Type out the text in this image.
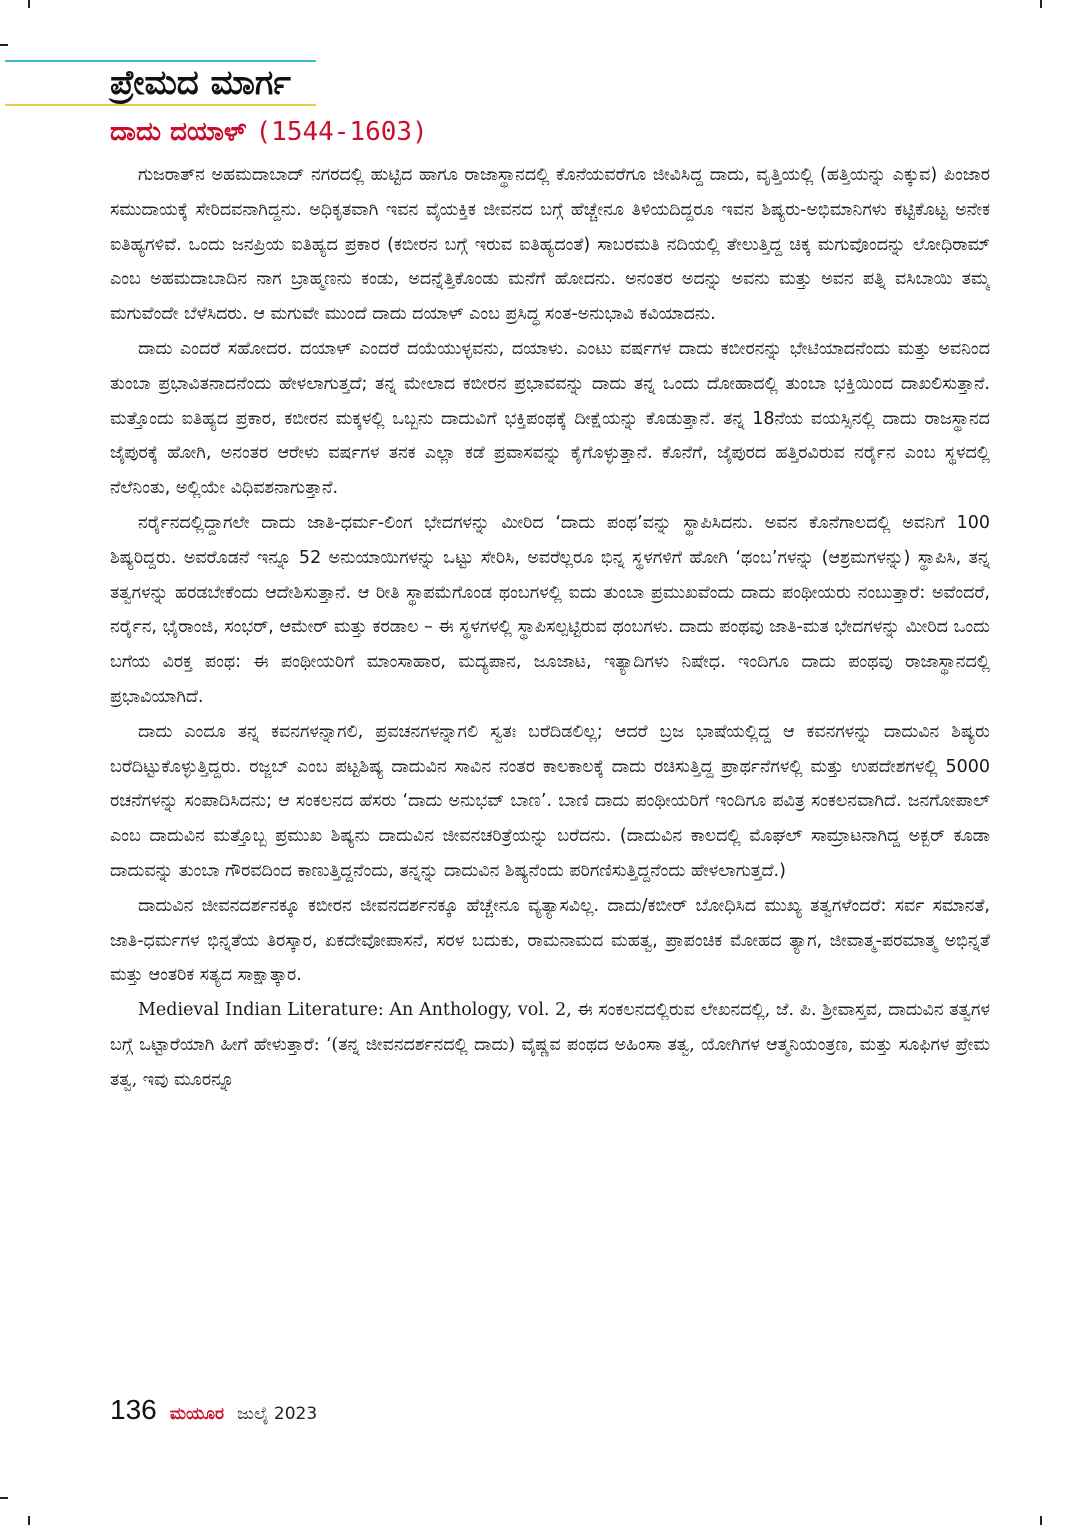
ಪ್ರೇಮದ ಮಾರ್ಗ
ದಾದು ದಯಾಳ್ (1544-1603)

ಗುಜರಾತ್‌ನ ಅಹಮದಾಬಾದ್ ನಗರದಲ್ಲಿ ಹುಟ್ಟಿದ ಹಾಗೂ ರಾಜಾಸ್ಥಾನದಲ್ಲಿ ಕೊನೆಯವರೆಗೂ ಜೀವಿಸಿದ್ದ ದಾದು, ವೃತ್ತಿಯಲ್ಲಿ (ಹತ್ತಿಯನ್ನು ಎಕ್ಕುವ) ಪಿಂಜಾರ ಸಮುದಾಯಕ್ಕೆ ಸೇರಿದವನಾಗಿದ್ದನು. ಅಧಿಕೃತವಾಗಿ ಇವನ ವೈಯಕ್ತಿಕ ಜೀವನದ ಬಗ್ಗೆ ಹೆಚ್ಚೇನೂ ತಿಳಿಯದಿದ್ದರೂ ಇವನ ಶಿಷ್ಯರು-ಅಭಿಮಾನಿಗಳು ಕಟ್ಟಿಕೊಟ್ಟ ಅನೇಕ ಐತಿಹ್ಯಗಳಿವೆ. ಒಂದು ಜನಪ್ರಿಯ ಐತಿಹ್ಯದ ಪ್ರಕಾರ (ಕಬೀರನ ಬಗ್ಗೆ ಇರುವ ಐತಿಹ್ಯದಂತೆ) ಸಾಬರಮತಿ ನದಿಯಲ್ಲಿ ತೇಲುತ್ತಿದ್ದ ಚಿಕ್ಕ ಮಗುವೊಂದನ್ನು ಲೋಧಿರಾಮ್ ಎಂಬ ಅಹಮದಾಬಾದಿನ ನಾಗ ಬ್ರಾಹ್ಮಣನು ಕಂಡು, ಅದನ್ನೆತ್ತಿಕೊಂಡು ಮನೆಗೆ ಹೋದನು. ಅನಂತರ ಅದನ್ನು ಅವನು ಮತ್ತು ಅವನ ಪತ್ನಿ ವಸಿಬಾಯಿ ತಮ್ಮ ಮಗುವೆಂದೇ ಬೆಳೆಸಿದರು. ಆ ಮಗುವೇ ಮುಂದೆ ದಾದು ದಯಾಳ್ ಎಂಬ ಪ್ರಸಿದ್ಧ ಸಂತ-ಅನುಭಾವಿ ಕವಿಯಾದನು.

ದಾದು ಎಂದರೆ ಸಹೋದರ. ದಯಾಳ್ ಎಂದರೆ ದಯೆಯುಳ್ಳವನು, ದಯಾಳು. ಎಂಟು ವರ್ಷಗಳ ದಾದು ಕಬೀರನನ್ನು ಭೇಟಿಯಾದನೆಂದು ಮತ್ತು ಅವನಿಂದ ತುಂಬಾ ಪ್ರಭಾವಿತನಾದನೆಂದು ಹೇಳಲಾಗುತ್ತದೆ; ತನ್ನ ಮೇಲಾದ ಕಬೀರನ ಪ್ರಭಾವವನ್ನು ದಾದು ತನ್ನ ಒಂದು ದೋಹಾದಲ್ಲಿ ತುಂಬಾ ಭಕ್ತಿಯಿಂದ ದಾಖಲಿಸುತ್ತಾನೆ. ಮತ್ತೊಂದು ಐತಿಹ್ಯದ ಪ್ರಕಾರ, ಕಬೀರನ ಮಕ್ಕಳಲ್ಲಿ ಒಬ್ಬನು ದಾದುವಿಗೆ ಭಕ್ತಿಪಂಥಕ್ಕೆ ದೀಕ್ಷೆಯನ್ನು ಕೊಡುತ್ತಾನೆ. ತನ್ನ 18ನೆಯ ವಯಸ್ಸಿನಲ್ಲಿ ದಾದು ರಾಜಸ್ಥಾನದ ಜೈಪುರಕ್ಕೆ ಹೋಗಿ, ಅನಂತರ ಆರೇಳು ವರ್ಷಗಳ ತನಕ ಎಲ್ಲಾ ಕಡೆ ಪ್ರವಾಸವನ್ನು ಕೈಗೊಳ್ಳುತ್ತಾನೆ. ಕೊನೆಗೆ, ಜೈಪುರದ ಹತ್ತಿರವಿರುವ ನರ್ರೈನ ಎಂಬ ಸ್ಥಳದಲ್ಲಿ ನೆಲೆನಿಂತು, ಅಲ್ಲಿಯೇ ವಿಧಿವಶನಾಗುತ್ತಾನೆ.

ನರ್ರೈನದಲ್ಲಿದ್ದಾಗಲೇ ದಾದು ಜಾತಿ-ಧರ್ಮ-ಲಿಂಗ ಭೇದಗಳನ್ನು ಮೀರಿದ ‘ದಾದು ಪಂಥ’ವನ್ನು ಸ್ಥಾಪಿಸಿದನು. ಅವನ ಕೊನೆಗಾಲದಲ್ಲಿ ಅವನಿಗೆ 100 ಶಿಷ್ಯರಿದ್ದರು. ಅವರೊಡನೆ ಇನ್ನೂ 52 ಅನುಯಾಯಿಗಳನ್ನು ಒಟ್ಟು ಸೇರಿಸಿ, ಅವರೆಲ್ಲರೂ ಭಿನ್ನ ಸ್ಥಳಗಳಿಗೆ ಹೋಗಿ ‘ಥಂಬ’ಗಳನ್ನು (ಆಶ್ರಮಗಳನ್ನು) ಸ್ಥಾಪಿಸಿ, ತನ್ನ ತತ್ವಗಳನ್ನು ಹರಡಬೇಕೆಂದು ಆದೇಶಿಸುತ್ತಾನೆ. ಆ ರೀತಿ ಸ್ಥಾಪಮೆಗೊಂಡ ಥಂಬಗಳಲ್ಲಿ ಐದು ತುಂಬಾ ಪ್ರಮುಖವೆಂದು ದಾದು ಪಂಥೀಯರು ನಂಬುತ್ತಾರೆ: ಅವೆಂದರೆ, ನರ್ರೈನ, ಭೈರಾಂಜಿ, ಸಂಭರ್, ಆಮೇರ್ ಮತ್ತು ಕರಡಾಲ – ಈ ಸ್ಥಳಗಳಲ್ಲಿ ಸ್ಥಾಪಿಸಲ್ಪಟ್ಟಿರುವ ಥಂಬಗಳು. ದಾದು ಪಂಥವು ಜಾತಿ-ಮತ ಭೇದಗಳನ್ನು ಮೀರಿದ ಒಂದು ಬಗೆಯ ವಿರಕ್ತ ಪಂಥ: ಈ ಪಂಥೀಯರಿಗೆ ಮಾಂಸಾಹಾರ, ಮದ್ಯಪಾನ, ಜೂಜಾಟ, ಇತ್ಯಾದಿಗಳು ನಿಷೇಧ. ಇಂದಿಗೂ ದಾದು ಪಂಥವು ರಾಜಾಸ್ಥಾನದಲ್ಲಿ ಪ್ರಭಾವಿಯಾಗಿದೆ.

ದಾದು ಎಂದೂ ತನ್ನ ಕವನಗಳನ್ನಾಗಲಿ, ಪ್ರವಚನಗಳನ್ನಾಗಲಿ ಸ್ವತಃ ಬರೆದಿಡಲಿಲ್ಲ; ಆದರೆ ಬ್ರಜ ಭಾಷೆಯಲ್ಲಿದ್ದ ಆ ಕವನಗಳನ್ನು ದಾದುವಿನ ಶಿಷ್ಯರು ಬರೆದಿಟ್ಟುಕೊಳ್ಳುತ್ತಿದ್ದರು. ರಜ್ಜಬ್ ಎಂಬ ಪಟ್ಟಶಿಷ್ಯ ದಾದುವಿನ ಸಾವಿನ ನಂತರ ಕಾಲಕಾಲಕ್ಕೆ ದಾದು ರಚಿಸುತ್ತಿದ್ದ ಪ್ರಾರ್ಥನೆಗಳಲ್ಲಿ ಮತ್ತು ಉಪದೇಶಗಳಲ್ಲಿ 5000 ರಚನೆಗಳನ್ನು ಸಂಪಾದಿಸಿದನು; ಆ ಸಂಕಲನದ ಹೆಸರು ‘ದಾದು ಅನುಭವ್ ಬಾಣ’. ಬಾಣಿ ದಾದು ಪಂಥೀಯರಿಗೆ ಇಂದಿಗೂ ಪವಿತ್ರ ಸಂಕಲನವಾಗಿದೆ. ಜನಗೋಪಾಲ್ ಎಂಬ ದಾದುವಿನ ಮತ್ತೊಬ್ಬ ಪ್ರಮುಖ ಶಿಷ್ಯನು ದಾದುವಿನ ಜೀವನಚರಿತ್ರೆಯನ್ನು ಬರೆದನು. (ದಾದುವಿನ ಕಾಲದಲ್ಲಿ ಮೊಘಲ್ ಸಾಮ್ರಾಟನಾಗಿದ್ದ ಅಕ್ಬರ್ ಕೂಡಾ ದಾದುವನ್ನು ತುಂಬಾ ಗೌರವದಿಂದ ಕಾಣುತ್ತಿದ್ದನೆಂದು, ತನ್ನನ್ನು ದಾದುವಿನ ಶಿಷ್ಯನೆಂದು ಪರಿಗಣಿಸುತ್ತಿದ್ದನೆಂದು ಹೇಳಲಾಗುತ್ತದೆ.)

ದಾದುವಿನ ಜೀವನದರ್ಶನಕ್ಕೂ ಕಬೀರನ ಜೀವನದರ್ಶನಕ್ಕೂ ಹೆಚ್ಚೇನೂ ವ್ಯತ್ಯಾಸವಿಲ್ಲ. ದಾದು/ಕಬೀರ್ ಬೋಧಿಸಿದ ಮುಖ್ಯ ತತ್ವಗಳೆಂದರೆ: ಸರ್ವ ಸಮಾನತೆ, ಜಾತಿ-ಧರ್ಮಗಳ ಭಿನ್ನತೆಯ ತಿರಸ್ಕಾರ, ಏಕದೇವೋಪಾಸನೆ, ಸರಳ ಬದುಕು, ರಾಮನಾಮದ ಮಹತ್ವ, ಪ್ರಾಪಂಚಿಕ ಮೋಹದ ತ್ಯಾಗ, ಜೀವಾತ್ಮ-ಪರಮಾತ್ಮ ಅಭಿನ್ನತೆ ಮತ್ತು ಆಂತರಿಕ ಸತ್ಯದ ಸಾಕ್ಷಾತ್ಕಾರ.

Medieval Indian Literature: An Anthology, vol. 2, ಈ ಸಂಕಲನದಲ್ಲಿರುವ ಲೇಖನದಲ್ಲಿ, ಜೆ. ಪಿ. ಶ್ರೀವಾಸ್ತವ, ದಾದುವಿನ ತತ್ವಗಳ ಬಗ್ಗೆ ಒಟ್ಟಾರೆಯಾಗಿ ಹೀಗೆ ಹೇಳುತ್ತಾರೆ: ‘(ತನ್ನ ಜೀವನದರ್ಶನದಲ್ಲಿ ದಾದು) ವೈಷ್ಣವ ಪಂಥದ ಅಹಿಂಸಾ ತತ್ವ, ಯೋಗಿಗಳ ಆತ್ಮನಿಯಂತ್ರಣ, ಮತ್ತು ಸೂಫಿಗಳ ಪ್ರೇಮ ತತ್ವ, ಇವು ಮೂರನ್ನೂ

136 ಮಯೂರ ಜುಲೈ 2023
